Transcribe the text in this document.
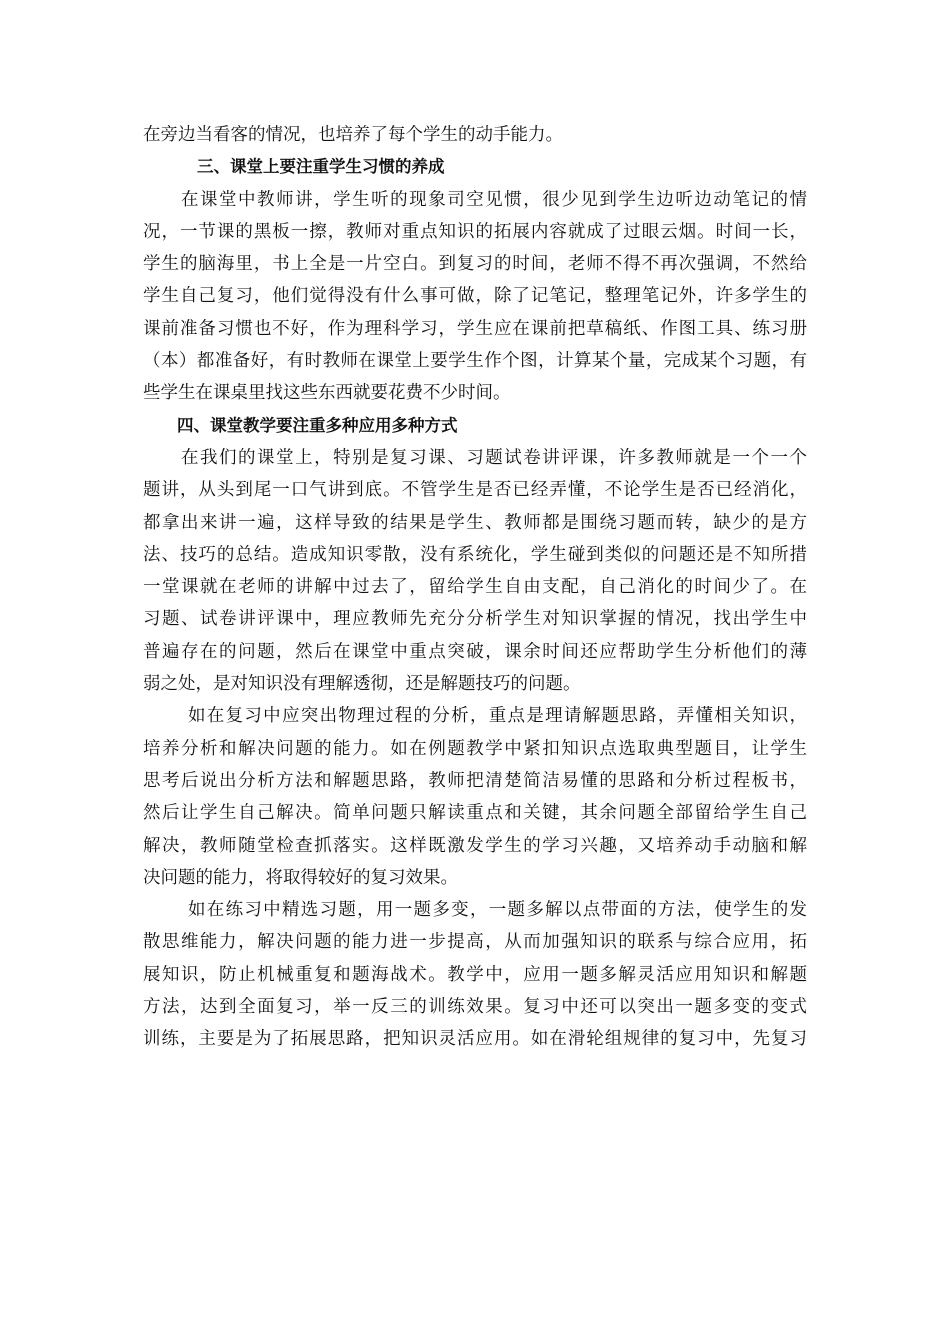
在旁边当看客的情况，也培养了每个学生的动手能力。
三、课堂上要注重学生习惯的养成
在课堂中教师讲，学生听的现象司空见惯，很少见到学生边听边动笔记的情
况，一节课的黑板一擦，教师对重点知识的拓展内容就成了过眼云烟。时间一长，
学生的脑海里，书上全是一片空白。到复习的时间，老师不得不再次强调，不然给
学生自己复习，他们觉得没有什么事可做，除了记笔记，整理笔记外，许多学生的
课前准备习惯也不好，作为理科学习，学生应在课前把草稿纸、作图工具、练习册
（本）都准备好，有时教师在课堂上要学生作个图，计算某个量，完成某个习题，有
些学生在课桌里找这些东西就要花费不少时间。
四、课堂教学要注重多种应用多种方式
在我们的课堂上，特别是复习课、习题试卷讲评课，许多教师就是一个一个
题讲，从头到尾一口气讲到底。不管学生是否已经弄懂，不论学生是否已经消化，
都拿出来讲一遍，这样导致的结果是学生、教师都是围绕习题而转，缺少的是方
法、技巧的总结。造成知识零散，没有系统化，学生碰到类似的问题还是不知所措
一堂课就在老师的讲解中过去了，留给学生自由支配，自己消化的时间少了。在
习题、试卷讲评课中，理应教师先充分分析学生对知识掌握的情况，找出学生中
普遍存在的问题，然后在课堂中重点突破，课余时间还应帮助学生分析他们的薄
弱之处，是对知识没有理解透彻，还是解题技巧的问题。
如在复习中应突出物理过程的分析，重点是理请解题思路，弄懂相关知识，
培养分析和解决问题的能力。如在例题教学中紧扣知识点选取典型题目，让学生
思考后说出分析方法和解题思路，教师把清楚简洁易懂的思路和分析过程板书，
然后让学生自己解决。简单问题只解读重点和关键，其余问题全部留给学生自己
解决，教师随堂检查抓落实。这样既激发学生的学习兴趣，又培养动手动脑和解
决问题的能力，将取得较好的复习效果。
如在练习中精选习题，用一题多变，一题多解以点带面的方法，使学生的发
散思维能力，解决问题的能力进一步提高，从而加强知识的联系与综合应用，拓
展知识，防止机械重复和题海战术。教学中，应用一题多解灵活应用知识和解题
方法，达到全面复习，举一反三的训练效果。复习中还可以突出一题多变的变式
训练，主要是为了拓展思路，把知识灵活应用。如在滑轮组规律的复习中，先复习
